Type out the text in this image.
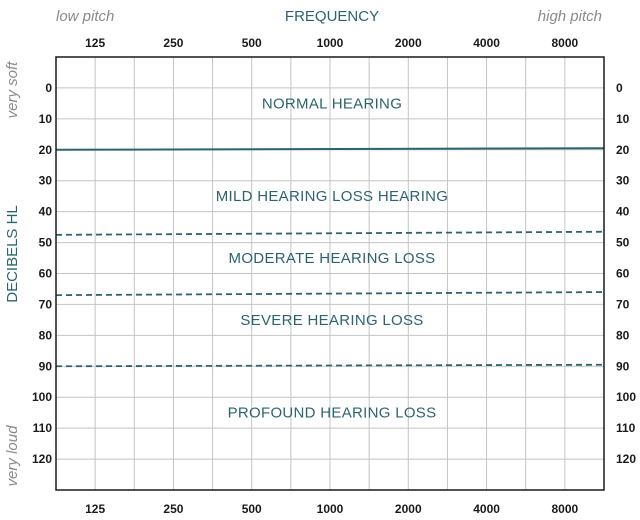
125
125
250
250
500
500
1000
1000
2000
2000
4000
4000
8000
8000
0	0
10	10
20	20
30	30
40	40
50	50
60	60
70	70
80	80
90	90
100	100
110	110
120	120
NORMAL HEARING
MILD HEARING LOSS HEARING
MODERATE HEARING LOSS
SEVERE HEARING LOSS
PROFOUND HEARING LOSS
FREQUENCY
low pitch	high pitch
DECIBELS HL
very soft
very loud
